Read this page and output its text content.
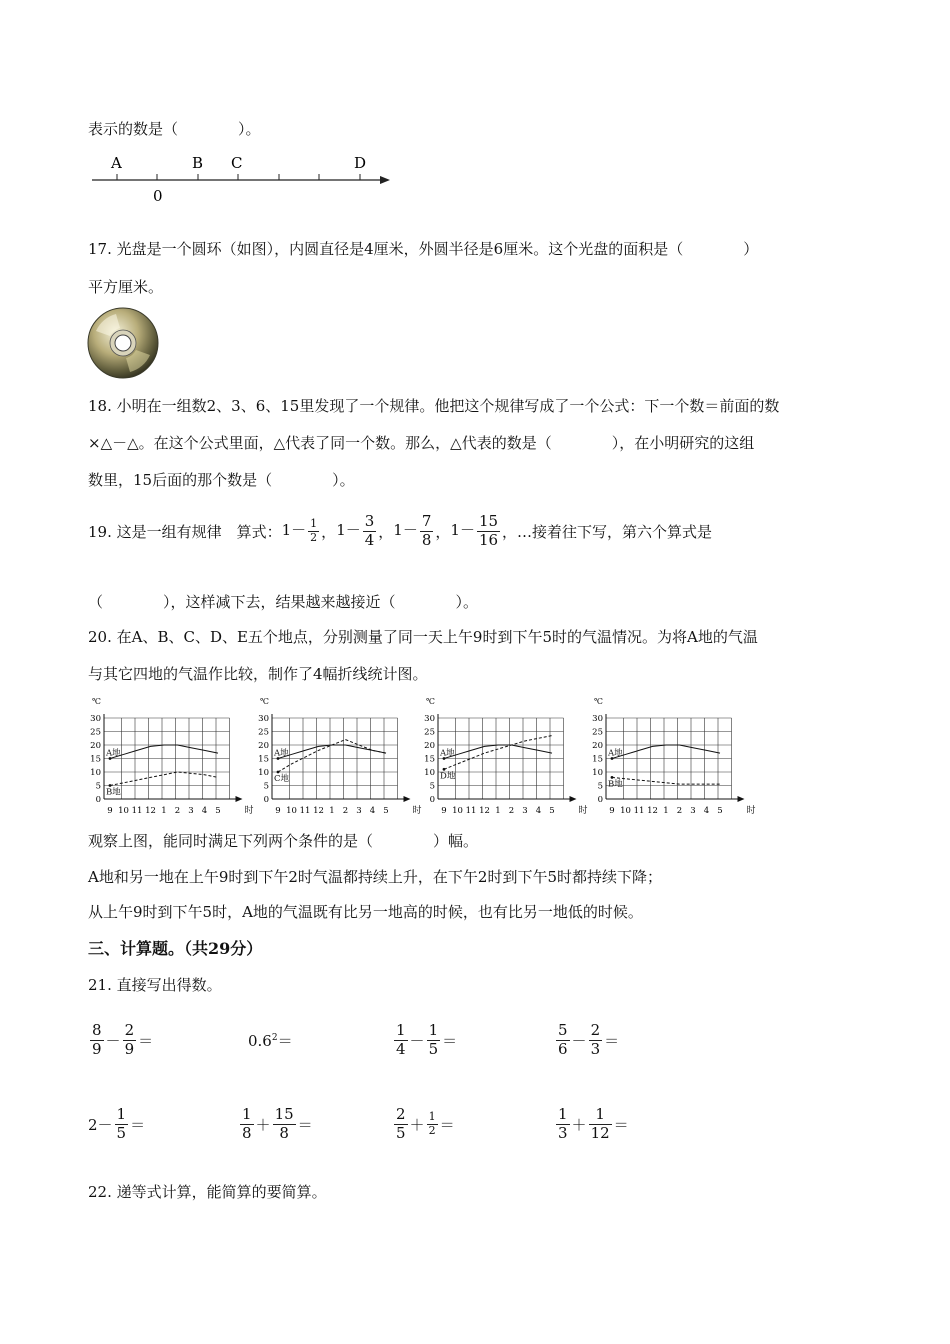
表示的数是（　　　　）。
A	B C	D
0
17. 光盘是一个圆环（如图），内圆直径是4厘米，外圆半径是6厘米。这个光盘的面积是（　　　　）
平方厘米。
18. 小明在一组数2、3、6、15里发现了一个规律。他把这个规律写成了一个公式：下一个数＝前面的数
×△－△。在这个公式里面，△代表了同一个数。那么，△代表的数是（　　　　），在小明研究的这组
数里，15后面的那个数是（　　　　）。
19. 这是一组有规律　算式： $1- \frac{1}{2}$ ， $1- \frac{3}{4}$ ， $1- \frac{7}{8}$ ， $1- \frac{15}{16}$ ，…接着往下写，第六个算式是
（　　　　），这样减下去，结果越来越接近（　　　　）。
20. 在A、B、C、D、E五个地点，分别测量了同一天上午9时到下午5时的气温情况。为将A地的气温
与其它四地的气温作比较，制作了4幅折线统计图。
0
5
10
15
20
25
30
℃
时
9 10 11 12 1 2 3 4 5
A地
B地
0
5
10
15
20
25
30
℃
时
9 10 11 12 1 2 3 4 5
A地
C地
0
5
10
15
20
25
30
℃
时
9 10 11 12 1 2 3 4 5
A地
D地
0
5
10
15
20
25
30
℃
时
9 10 11 12 1 2 3 4 5
A地
B地
观察上图，能同时满足下列两个条件的是（　　　　）幅。
A地和另一地在上午9时到下午2时气温都持续上升，在下午2时到下午5时都持续下降；
从上午9时到下午5时，A地的气温既有比另一地高的时候，也有比另一地低的时候。
三、计算题。（共29分）
21. 直接写出得数。
$\frac{8}{9} - \frac{2}{9}$ ＝	$0.6^2=$	$\frac{1}{4} - \frac{1}{5}$ ＝	$\frac{5}{6} - \frac{2}{3}$ ＝
$2- \frac{1}{5}$ ＝	$\frac{1}{8} + \frac{15}{8}$ ＝	$\frac{2}{5} + \frac{1}{2}$ ＝	$\frac{1}{3} + \frac{1}{12}$ ＝
22. 递等式计算，能简算的要简算。
